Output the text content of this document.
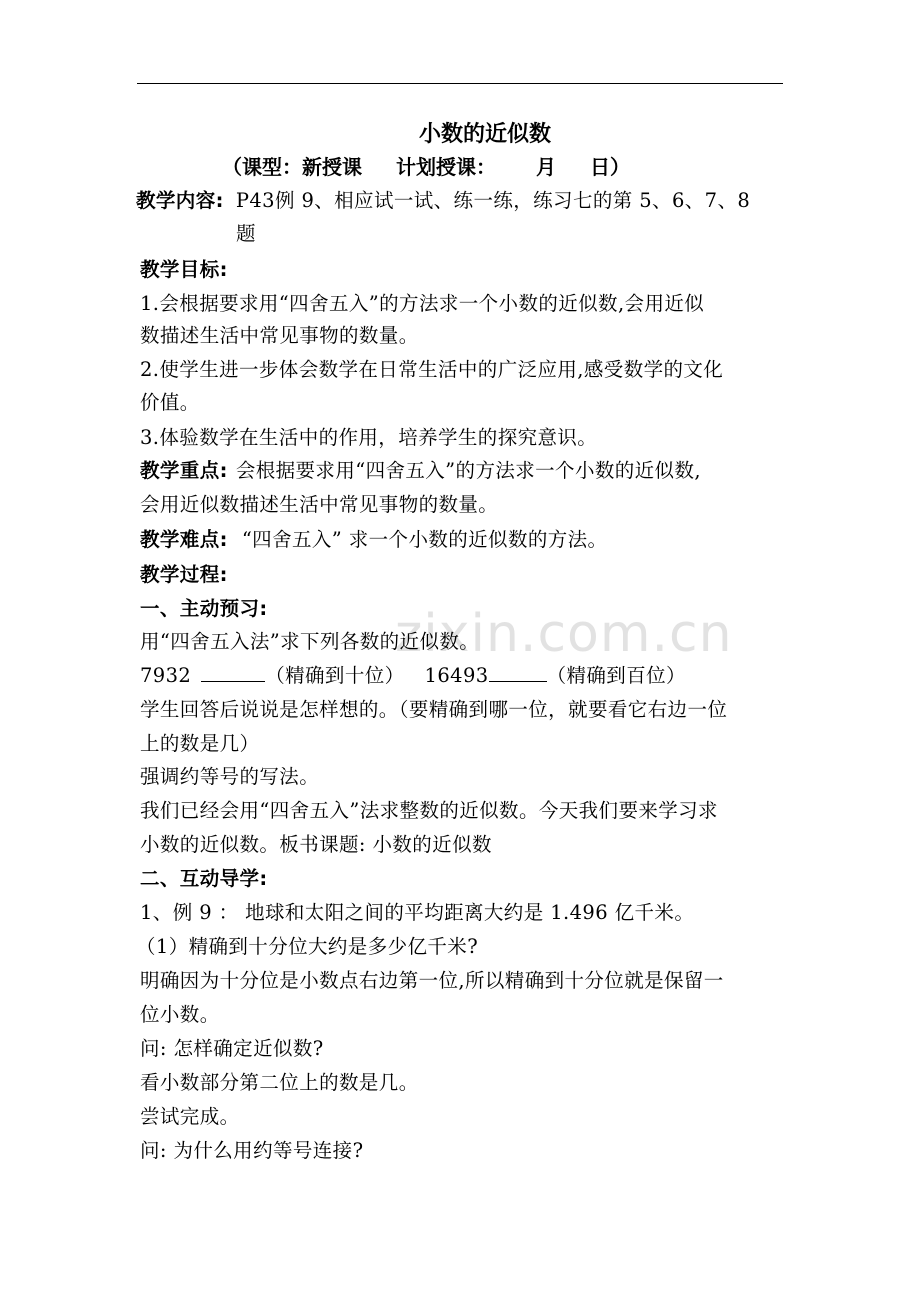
zixin.com.cn
小数的近似数
（课型：新授课 计划授课： 月 日）
教学内容: P43例 9、相应试一试、练一练，练习七的第 5、6、7、8
题
教学目标:
1.会根据要求用“四舍五入”的方法求一个小数的近似数,会用近似
数描述生活中常见事物的数量。
2.使学生进一步体会数学在日常生活中的广泛应用,感受数学的文化
价值。
3.体验数学在生活中的作用，培养学生的探究意识。
教学重点: 会根据要求用“四舍五入”的方法求一个小数的近似数,
会用近似数描述生活中常见事物的数量。
教学难点: “四舍五入” 求一个小数的近似数的方法。
教学过程:
一、主动预习:
用“四舍五入法”求下列各数的近似数。
7932	（精确到十位） 16493	（精确到百位）
学生回答后说说是怎样想的。（要精确到哪一位，就要看它右边一位
上的数是几）
强调约等号的写法。
我们已经会用“四舍五入”法求整数的近似数。今天我们要来学习求
小数的近似数。板书课题: 小数的近似数
二、互动导学:
1、例 9 ： 地球和太阳之间的平均距离大约是 1.496 亿千米。
（1）精确到十分位大约是多少亿千米?
明确因为十分位是小数点右边第一位,所以精确到十分位就是保留一
位小数。
问: 怎样确定近似数?
看小数部分第二位上的数是几。
尝试完成。
问: 为什么用约等号连接?
